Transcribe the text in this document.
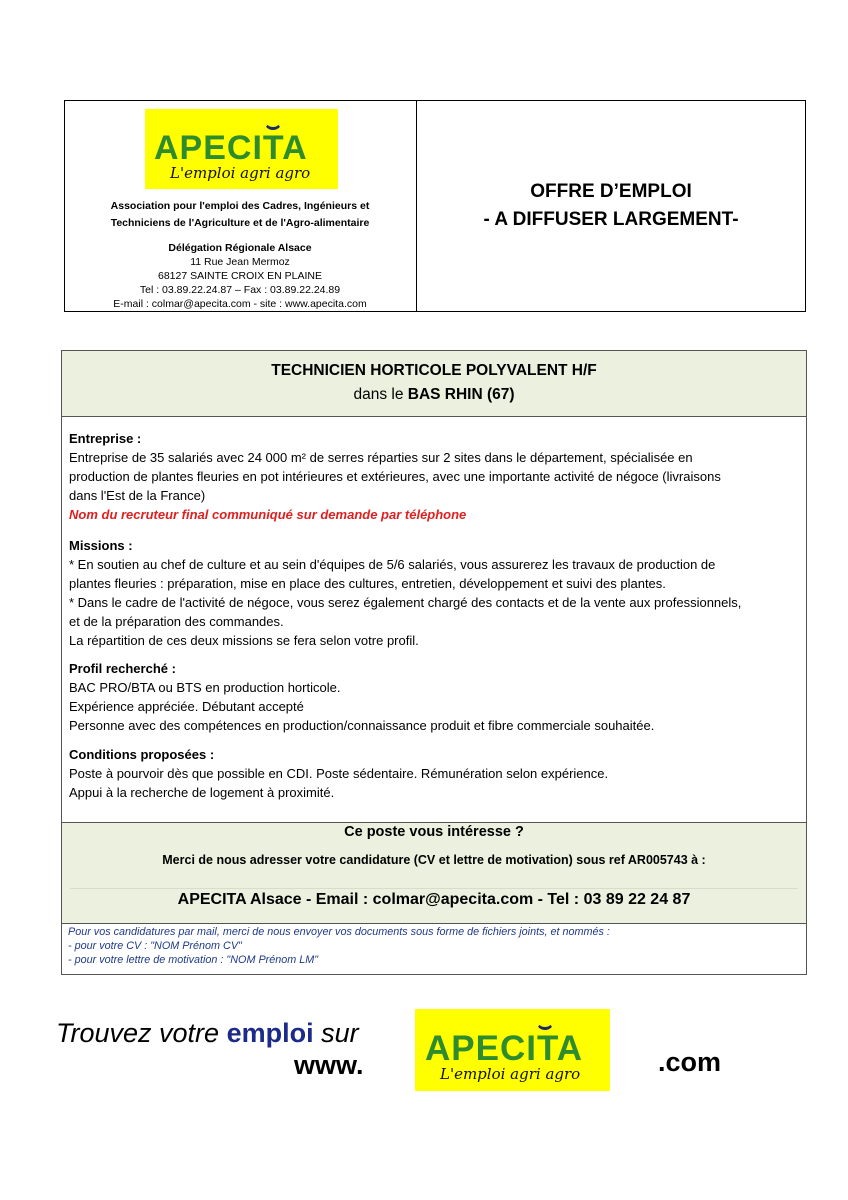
APECITA
L'emploi agri agro
Association pour l'emploi des Cadres, Ingénieurs et
Techniciens de l'Agriculture et de l'Agro-alimentaire
Délégation Régionale Alsace
11 Rue Jean Mermoz
68127 SAINTE CROIX EN PLAINE
Tel : 03.89.22.24.87 – Fax : 03.89.22.24.89
E-mail : colmar@apecita.com - site : www.apecita.com
OFFRE D’EMPLOI
- A DIFFUSER LARGEMENT-
TECHNICIEN HORTICOLE POLYVALENT H/F
dans le BAS RHIN (67)
Entreprise :
Entreprise de 35 salariés avec 24 000 m² de serres réparties sur 2 sites dans le département, spécialisée en
production de plantes fleuries en pot intérieures et extérieures, avec une importante activité de négoce (livraisons
dans l'Est de la France)
Nom du recruteur final communiqué sur demande par téléphone
Missions :
* En soutien au chef de culture et au sein d'équipes de 5/6 salariés, vous assurerez les travaux de production de
plantes fleuries : préparation, mise en place des cultures, entretien, développement et suivi des plantes.
* Dans le cadre de l'activité de négoce, vous serez également chargé des contacts et de la vente aux professionnels,
et de la préparation des commandes.
La répartition de ces deux missions se fera selon votre profil.
Profil recherché :
BAC PRO/BTA ou BTS en production horticole.
Expérience appréciée. Débutant accepté
Personne avec des compétences en production/connaissance produit et fibre commerciale souhaitée.
Conditions proposées :
Poste à pourvoir dès que possible en CDI. Poste sédentaire. Rémunération selon expérience.
Appui à la recherche de logement à proximité.
Ce poste vous intéresse ?
Merci de nous adresser votre candidature (CV et lettre de motivation) sous ref AR005743 à :
APECITA Alsace - Email : colmar@apecita.com - Tel : 03 89 22 24 87
Pour vos candidatures par mail, merci de nous envoyer vos documents sous forme de fichiers joints, et nommés :
- pour votre CV : "NOM Prénom CV"
- pour votre lettre de motivation : "NOM Prénom LM"
Trouvez votre emploi sur
www. APECITA
L'emploi agri agro	.com
